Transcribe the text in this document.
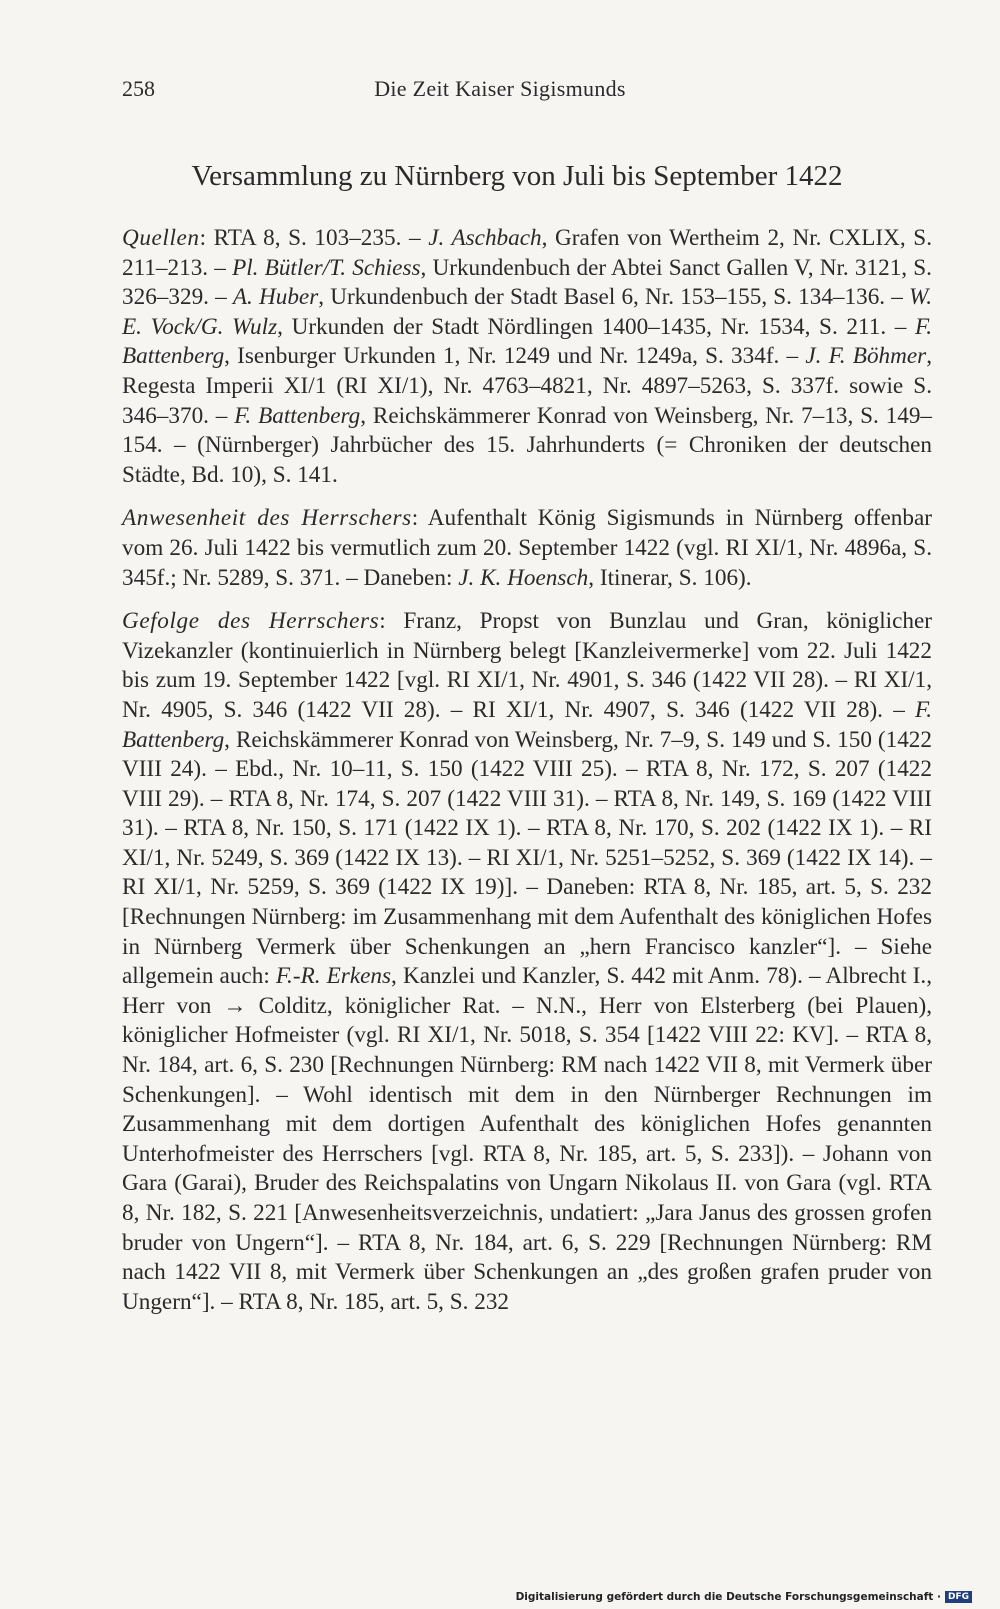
258	Die Zeit Kaiser Sigismunds
Versammlung zu Nürnberg von Juli bis September 1422

Quellen: RTA 8, S. 103–235. – J. Aschbach, Grafen von Wertheim 2, Nr. CXLIX, S. 211–213. – Pl. Bütler/T. Schiess, Urkundenbuch der Abtei Sanct Gallen V, Nr. 3121, S. 326–329. – A. Huber, Urkundenbuch der Stadt Basel 6, Nr. 153–155, S. 134–136. – W. E. Vock/G. Wulz, Urkunden der Stadt Nördlingen 1400–1435, Nr. 1534, S. 211. – F. Battenberg, Isenburger Urkunden 1, Nr. 1249 und Nr. 1249a, S. 334f. – J. F. Böhmer, Regesta Imperii XI/1 (RI XI/1), Nr. 4763–4821, Nr. 4897–5263, S. 337f. sowie S. 346–370. – F. Battenberg, Reichskämmerer Konrad von Weinsberg, Nr. 7–13, S. 149–154. – (Nürnberger) Jahrbücher des 15. Jahrhunderts (= Chroniken der deutschen Städte, Bd. 10), S. 141.

Anwesenheit des Herrschers: Aufenthalt König Sigismunds in Nürnberg offenbar vom 26. Juli 1422 bis vermutlich zum 20. September 1422 (vgl. RI XI/1, Nr. 4896a, S. 345f.; Nr. 5289, S. 371. – Daneben: J. K. Hoensch, Itinerar, S. 106).

Gefolge des Herrschers: Franz, Propst von Bunzlau und Gran, königlicher Vizekanzler (kontinuierlich in Nürnberg belegt [Kanzleivermerke] vom 22. Juli 1422 bis zum 19. September 1422 [vgl. RI XI/1, Nr. 4901, S. 346 (1422 VII 28). – RI XI/1, Nr. 4905, S. 346 (1422 VII 28). – RI XI/1, Nr. 4907, S. 346 (1422 VII 28). – F. Battenberg, Reichskämmerer Konrad von Weinsberg, Nr. 7–9, S. 149 und S. 150 (1422 VIII 24). – Ebd., Nr. 10–11, S. 150 (1422 VIII 25). – RTA 8, Nr. 172, S. 207 (1422 VIII 29). – RTA 8, Nr. 174, S. 207 (1422 VIII 31). – RTA 8, Nr. 149, S. 169 (1422 VIII 31). – RTA 8, Nr. 150, S. 171 (1422 IX 1). – RTA 8, Nr. 170, S. 202 (1422 IX 1). – RI XI/1, Nr. 5249, S. 369 (1422 IX 13). – RI XI/1, Nr. 5251–5252, S. 369 (1422 IX 14). – RI XI/1, Nr. 5259, S. 369 (1422 IX 19)]. – Daneben: RTA 8, Nr. 185, art. 5, S. 232 [Rechnungen Nürnberg: im Zusammenhang mit dem Aufenthalt des königlichen Hofes in Nürnberg Vermerk über Schenkungen an „hern Francisco kanzler“]. – Siehe allgemein auch: F.-R. Erkens, Kanzlei und Kanzler, S. 442 mit Anm. 78). – Albrecht I., Herr von → Colditz, königlicher Rat. – N.N., Herr von Elsterberg (bei Plauen), königlicher Hofmeister (vgl. RI XI/1, Nr. 5018, S. 354 [1422 VIII 22: KV]. – RTA 8, Nr. 184, art. 6, S. 230 [Rechnungen Nürnberg: RM nach 1422 VII 8, mit Vermerk über Schenkungen]. – Wohl identisch mit dem in den Nürnberger Rechnungen im Zusammenhang mit dem dortigen Aufenthalt des königlichen Hofes genannten Unterhofmeister des Herrschers [vgl. RTA 8, Nr. 185, art. 5, S. 233]). – Johann von Gara (Garai), Bruder des Reichspalatins von Ungarn Nikolaus II. von Gara (vgl. RTA 8, Nr. 182, S. 221 [Anwesenheitsverzeichnis, undatiert: „Jara Janus des grossen grofen bruder von Ungern“]. – RTA 8, Nr. 184, art. 6, S. 229 [Rechnungen Nürnberg: RM nach 1422 VII 8, mit Vermerk über Schenkungen an „des großen grafen pruder von Ungern“]. – RTA 8, Nr. 185, art. 5, S. 232

Digitalisierung gefördert durch die Deutsche Forschungsgemeinschaft · DFG
